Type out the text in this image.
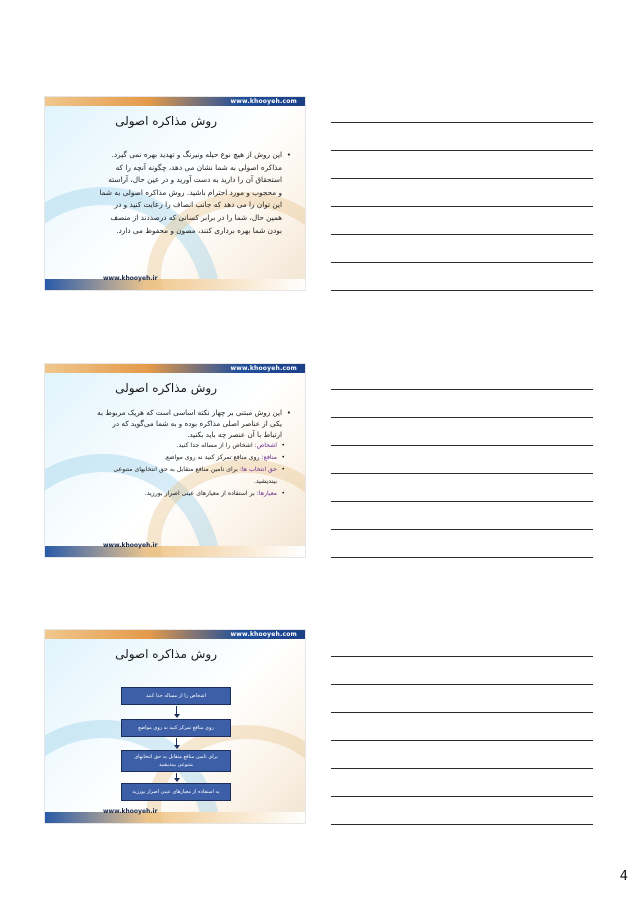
www.khooyeh.com
روش مذاکره اصولی
• این روش از هیچ نوع حیله ونیرنگ و تهدید بهره نمی گیرد.
مذاکره اصولی به شما نشان می دهد، چگونه آنچه را که
استحقاق آن را دارید به دست آورید و در عین حال، آراسته
و محجوب و مورد احترام باشید. روش مذاکره اصولی به شما
این توان را می دهد که جانب انصاف را رعایت کنید و در
همین حال، شما را در برابر کسانی که درصددند از منصف
بودن شما بهره برداری کنند، مصون و محفوظ می دارد.
www.khooyeh.ir
www.khooyeh.com
روش مذاکره اصولی
• این روش مبتنی بر چهار نکته اساسی است که هریک مربوط به
یکی از عناصر اصلی مذاکره بوده و به شما می‌گوید که در
ارتباط با آن عنصر چه باید بکنید.
• اشخاص: اشخاص را از مساله جدا کنید.
• منافع: روی منافع تمرکز کنید نه روی مواضع.
• حق انتخاب ها: برای تامین منافع متقابل به حق انتخابهای متنوعی
بیندیشید.
• معیارها: بر استفاده از معیارهای عینی اصرار بورزید.
www.khooyeh.ir
www.khooyeh.com
روش مذاکره اصولی
اشخاص را از مساله جدا کنید
روی منافع تمرکز کنید نه روی مواضع
برای تامین منافع متقابل به حق انتخابهای متنوعی بیندیشید
به استفاده از معیارهای عینی اصرار بورزید
www.khooyeh.ir
4
